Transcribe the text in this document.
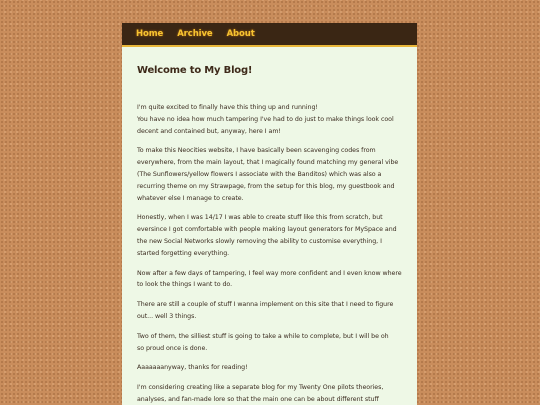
Home Archive About
Welcome to My Blog!

I'm quite excited to finally have this thing up and running!
You have no idea how much tampering I've had to do just to make things look cool
decent and contained but, anyway, here I am!

To make this Neocities website, I have basically been scavenging codes from
everywhere, from the main layout, that I magically found matching my general vibe
(The Sunflowers/yellow flowers I associate with the Banditos) which was also a
recurring theme on my Strawpage, from the setup for this blog, my guestbook and
whatever else I manage to create.

Honestly, when I was 14/17 I was able to create stuff like this from scratch, but
eversince I got comfortable with people making layout generators for MySpace and
the new Social Networks slowly removing the ability to customise everything, I
started forgetting everything.

Now after a few days of tampering, I feel way more confident and I even know where
to look the things I want to do.

There are still a couple of stuff I wanna implement on this site that I need to figure
out... well 3 things.

Two of them, the silliest stuff is going to take a while to complete, but I will be oh
so proud once is done.

Aaaaaaanyway, thanks for reading!

I'm considering creating like a separate blog for my Twenty One pilots theories,
analyses, and fan-made lore so that the main one can be about different stuff
